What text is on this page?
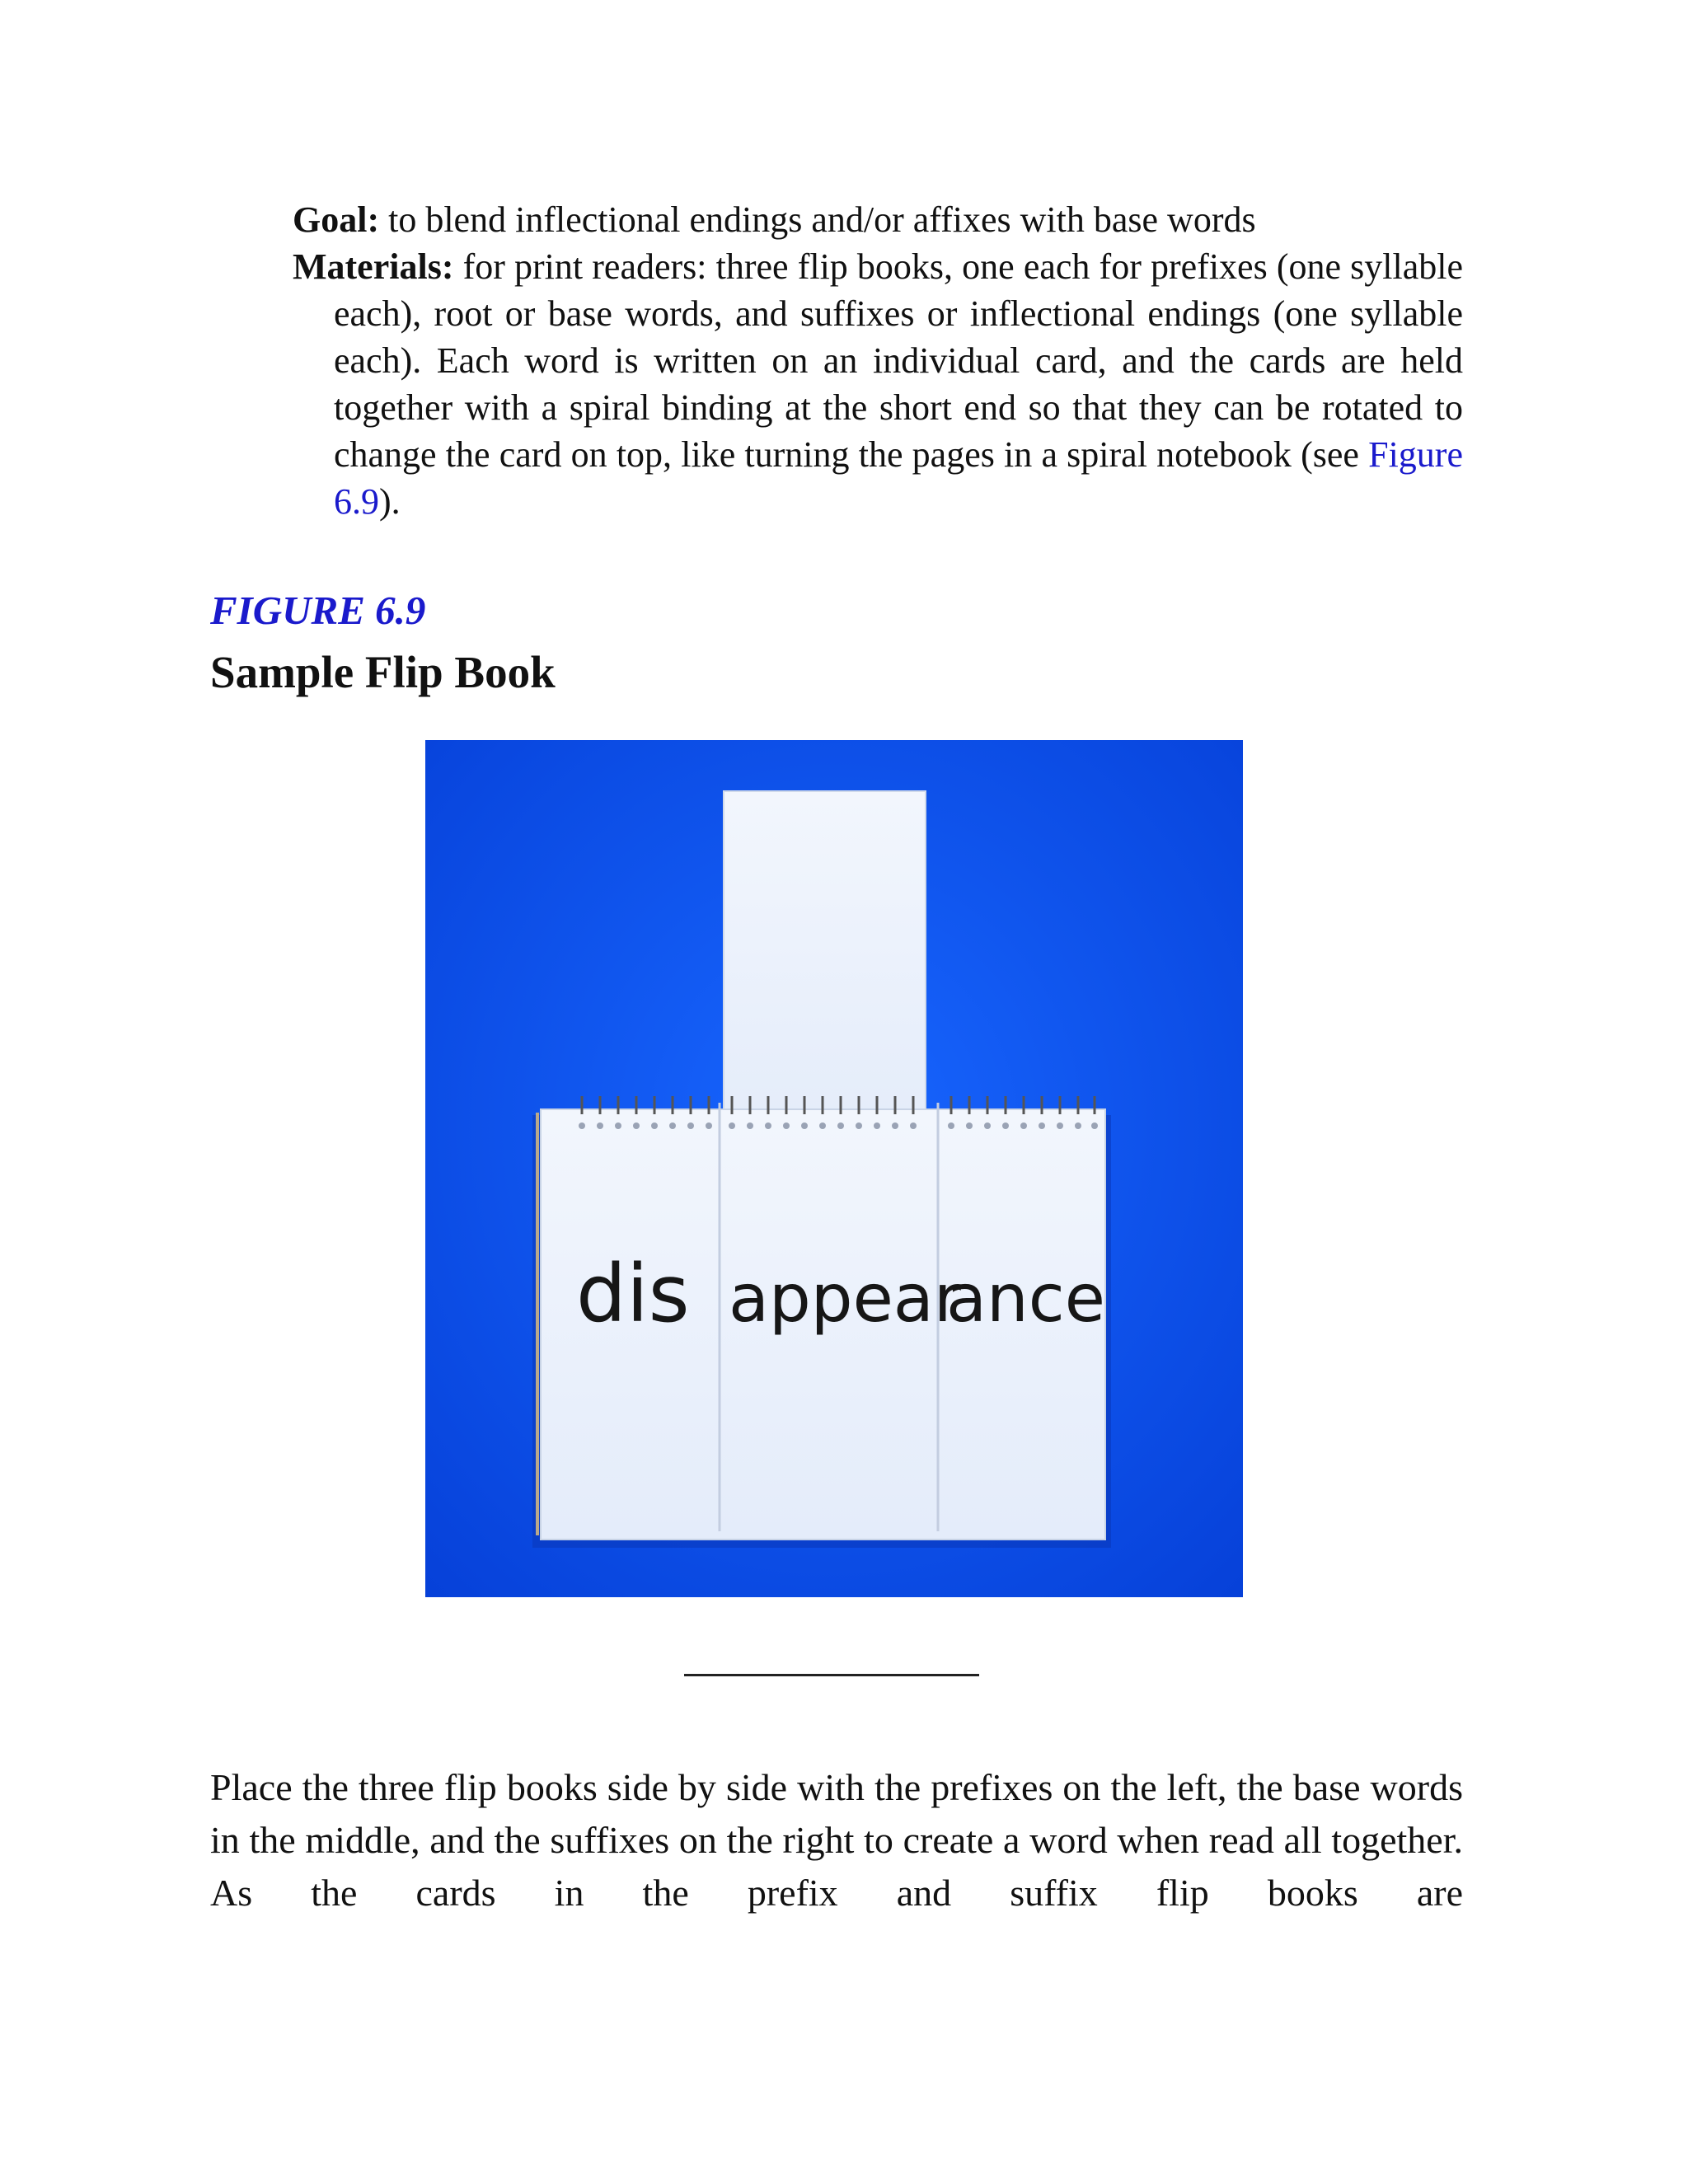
Goal: to blend inflectional endings and/or affixes with base words
Materials: for print readers: three flip books, one each for prefixes (one syllable each), root or base words, and suffixes or inflectional endings (one syllable each). Each word is written on an individual card, and the cards are held together with a spiral binding at the short end so that they can be rotated to change the card on top, like turning the pages in a spiral notebook (see Figure 6.9).
FIGURE 6.9
Sample Flip Book
dis appear
ance
Place the three flip books side by side with the prefixes on the left, the base words in the middle, and the suffixes on the right to create a word when read all together. As the cards in the prefix and suffix flip books are
